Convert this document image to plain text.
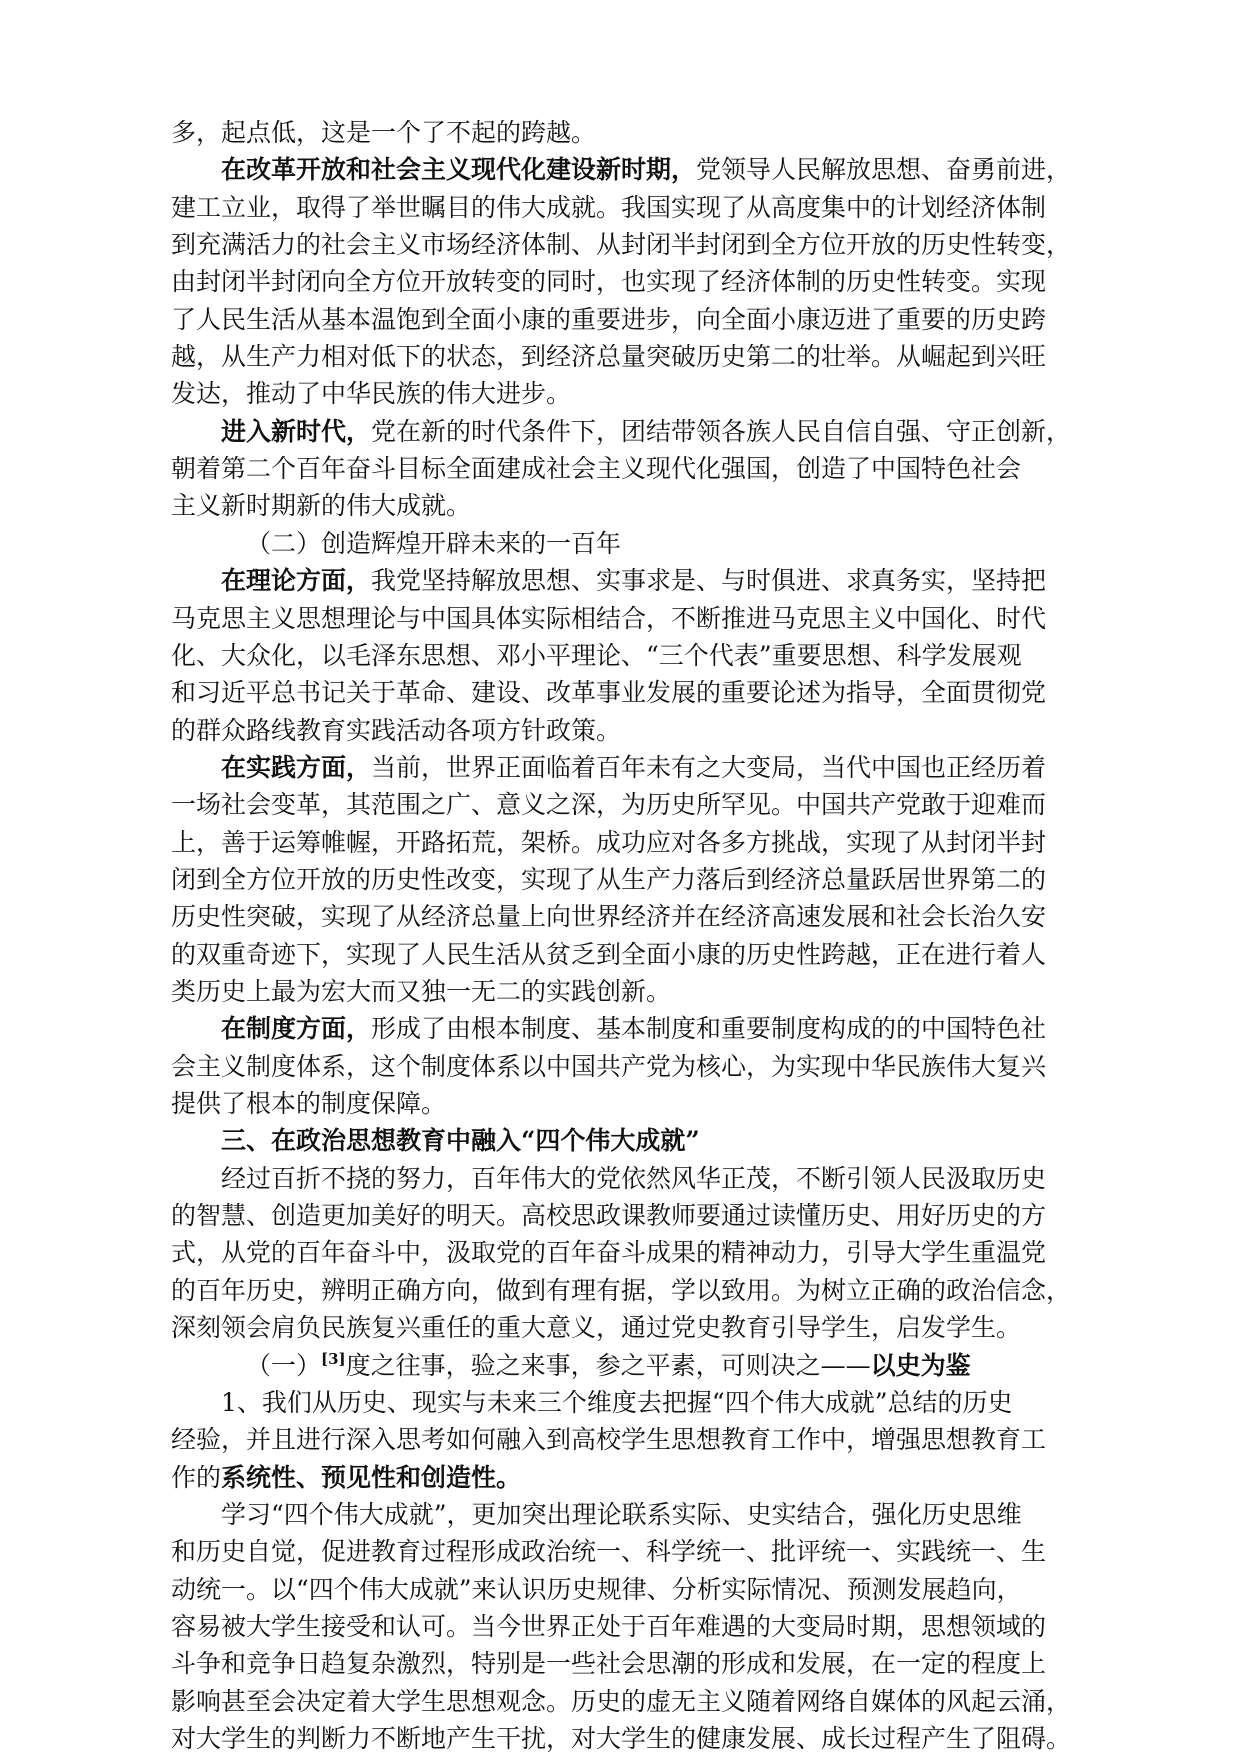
多，起点低，这是一个了不起的跨越。
在改革开放和社会主义现代化建设新时期，党领导人民解放思想、奋勇前进，
建工立业，取得了举世瞩目的伟大成就。我国实现了从高度集中的计划经济体制
到充满活力的社会主义市场经济体制、从封闭半封闭到全方位开放的历史性转变，
由封闭半封闭向全方位开放转变的同时，也实现了经济体制的历史性转变。实现
了人民生活从基本温饱到全面小康的重要进步，向全面小康迈进了重要的历史跨
越，从生产力相对低下的状态，到经济总量突破历史第二的壮举。从崛起到兴旺
发达，推动了中华民族的伟大进步。
进入新时代，党在新的时代条件下，团结带领各族人民自信自强、守正创新，
朝着第二个百年奋斗目标全面建成社会主义现代化强国，创造了中国特色社会
主义新时期新的伟大成就。
（二）创造辉煌开辟未来的一百年
在理论方面，我党坚持解放思想、实事求是、与时俱进、求真务实，坚持把
马克思主义思想理论与中国具体实际相结合，不断推进马克思主义中国化、时代
化、大众化，以毛泽东思想、邓小平理论、“三个代表”重要思想、科学发展观
和习近平总书记关于革命、建设、改革事业发展的重要论述为指导，全面贯彻党
的群众路线教育实践活动各项方针政策。
在实践方面，当前，世界正面临着百年未有之大变局，当代中国也正经历着
一场社会变革，其范围之广、意义之深，为历史所罕见。中国共产党敢于迎难而
上，善于运筹帷幄，开路拓荒，架桥。成功应对各多方挑战，实现了从封闭半封
闭到全方位开放的历史性改变，实现了从生产力落后到经济总量跃居世界第二的
历史性突破，实现了从经济总量上向世界经济并在经济高速发展和社会长治久安
的双重奇迹下，实现了人民生活从贫乏到全面小康的历史性跨越，正在进行着人
类历史上最为宏大而又独一无二的实践创新。
在制度方面，形成了由根本制度、基本制度和重要制度构成的的中国特色社
会主义制度体系，这个制度体系以中国共产党为核心，为实现中华民族伟大复兴
提供了根本的制度保障。
三、在政治思想教育中融入“四个伟大成就”
经过百折不挠的努力，百年伟大的党依然风华正茂，不断引领人民汲取历史
的智慧、创造更加美好的明天。高校思政课教师要通过读懂历史、用好历史的方
式，从党的百年奋斗中，汲取党的百年奋斗成果的精神动力，引导大学生重温党
的百年历史，辨明正确方向，做到有理有据，学以致用。为树立正确的政治信念，
深刻领会肩负民族复兴重任的重大意义，通过党史教育引导学生，启发学生。
（一）[3]度之往事，验之来事，参之平素，可则决之——以史为鉴
1、我们从历史、现实与未来三个维度去把握“四个伟大成就”总结的历史
经验，并且进行深入思考如何融入到高校学生思想教育工作中，增强思想教育工
作的系统性、预见性和创造性。
学习“四个伟大成就”，更加突出理论联系实际、史实结合，强化历史思维
和历史自觉，促进教育过程形成政治统一、科学统一、批评统一、实践统一、生
动统一。以“四个伟大成就”来认识历史规律、分析实际情况、预测发展趋向，
容易被大学生接受和认可。当今世界正处于百年难遇的大变局时期，思想领域的
斗争和竞争日趋复杂激烈，特别是一些社会思潮的形成和发展，在一定的程度上
影响甚至会决定着大学生思想观念。历史的虚无主义随着网络自媒体的风起云涌，
对大学生的判断力不断地产生干扰，对大学生的健康发展、成长过程产生了阻碍。
